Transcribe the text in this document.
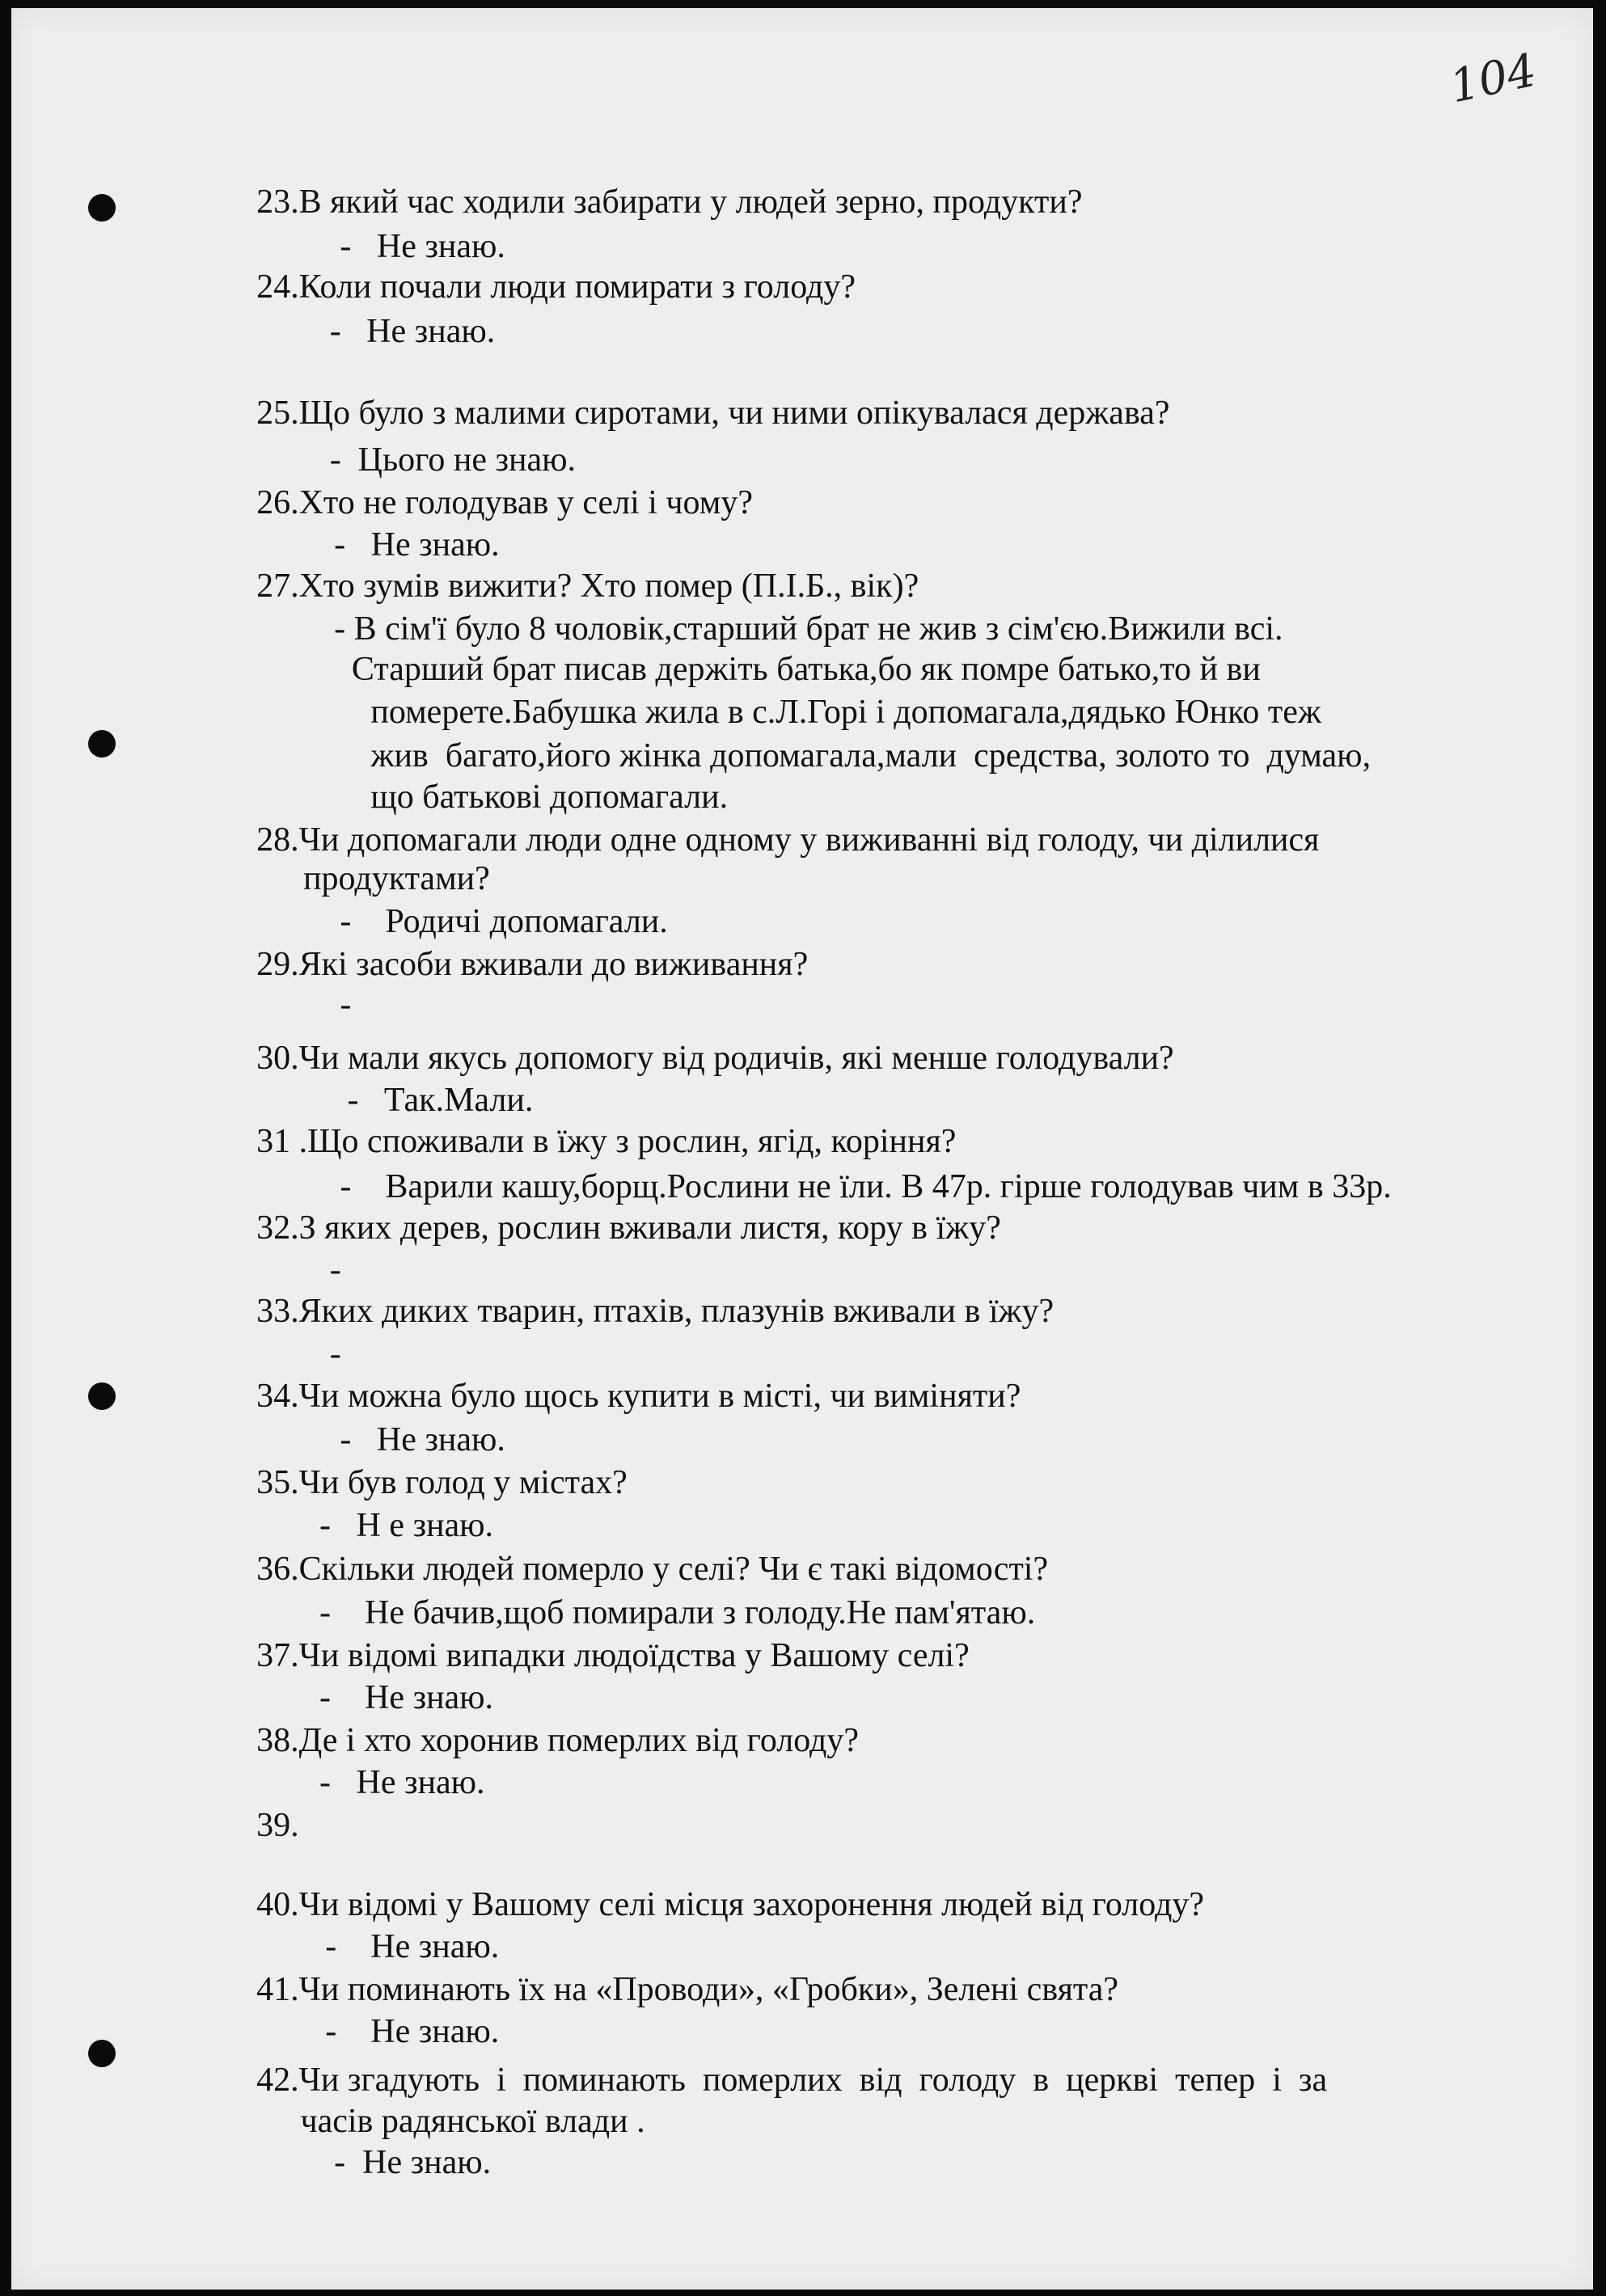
104
23.В який час ходили забирати у людей зерно, продукти?
-   Не знаю.
24.Коли почали люди помирати з голоду?
-   Не знаю.
25.Що було з малими сиротами, чи ними опікувалася держава?
-  Цього не знаю.
26.Хто не голодував у селі і чому?
-   Не знаю.
27.Хто зумів вижити? Хто помер (П.І.Б., вік)?
- В сім'ї було 8 чоловік,старший брат не жив з сім'єю.Вижили всі.
Старший брат писав держіть батька,бо як помре батько,то й ви
померете.Бабушка жила в с.Л.Горі і допомагала,дядько Юнко теж
жив  багато,його жінка допомагала,мали  средства, золото то  думаю,
що батькові допомагали.
28.Чи допомагали люди одне одному у виживанні від голоду, чи ділилися
продуктами?
-    Родичі допомагали.
29.Які засоби вживали до виживання?
-
30.Чи мали якусь допомогу від родичів, які менше голодували?
-   Так.Мали.
31 .Що споживали в їжу з рослин, ягід, коріння?
-    Варили кашу,борщ.Рослини не їли. В 47р. гірше голодував чим в 33р.
32.З яких дерев, рослин вживали листя, кору в їжу?
-
33.Яких диких тварин, птахів, плазунів вживали в їжу?
-
34.Чи можна було щось купити в місті, чи виміняти?
-   Не знаю.
35.Чи був голод у містах?
-   Н е знаю.
36.Скільки людей померло у селі? Чи є такі відомості?
-    Не бачив,щоб помирали з голоду.Не пам'ятаю.
37.Чи відомі випадки людоїдства у Вашому селі?
-    Не знаю.
38.Де і хто хоронив померлих від голоду?
-   Не знаю.
39.
40.Чи відомі у Вашому селі місця захоронення людей від голоду?
-    Не знаю.
41.Чи поминають їх на «Проводи», «Гробки», Зелені свята?
-    Не знаю.
42.Чи згадують  і  поминають  померлих  від  голоду  в  церкві  тепер  і  за
часів радянської влади .
-  Не знаю.
